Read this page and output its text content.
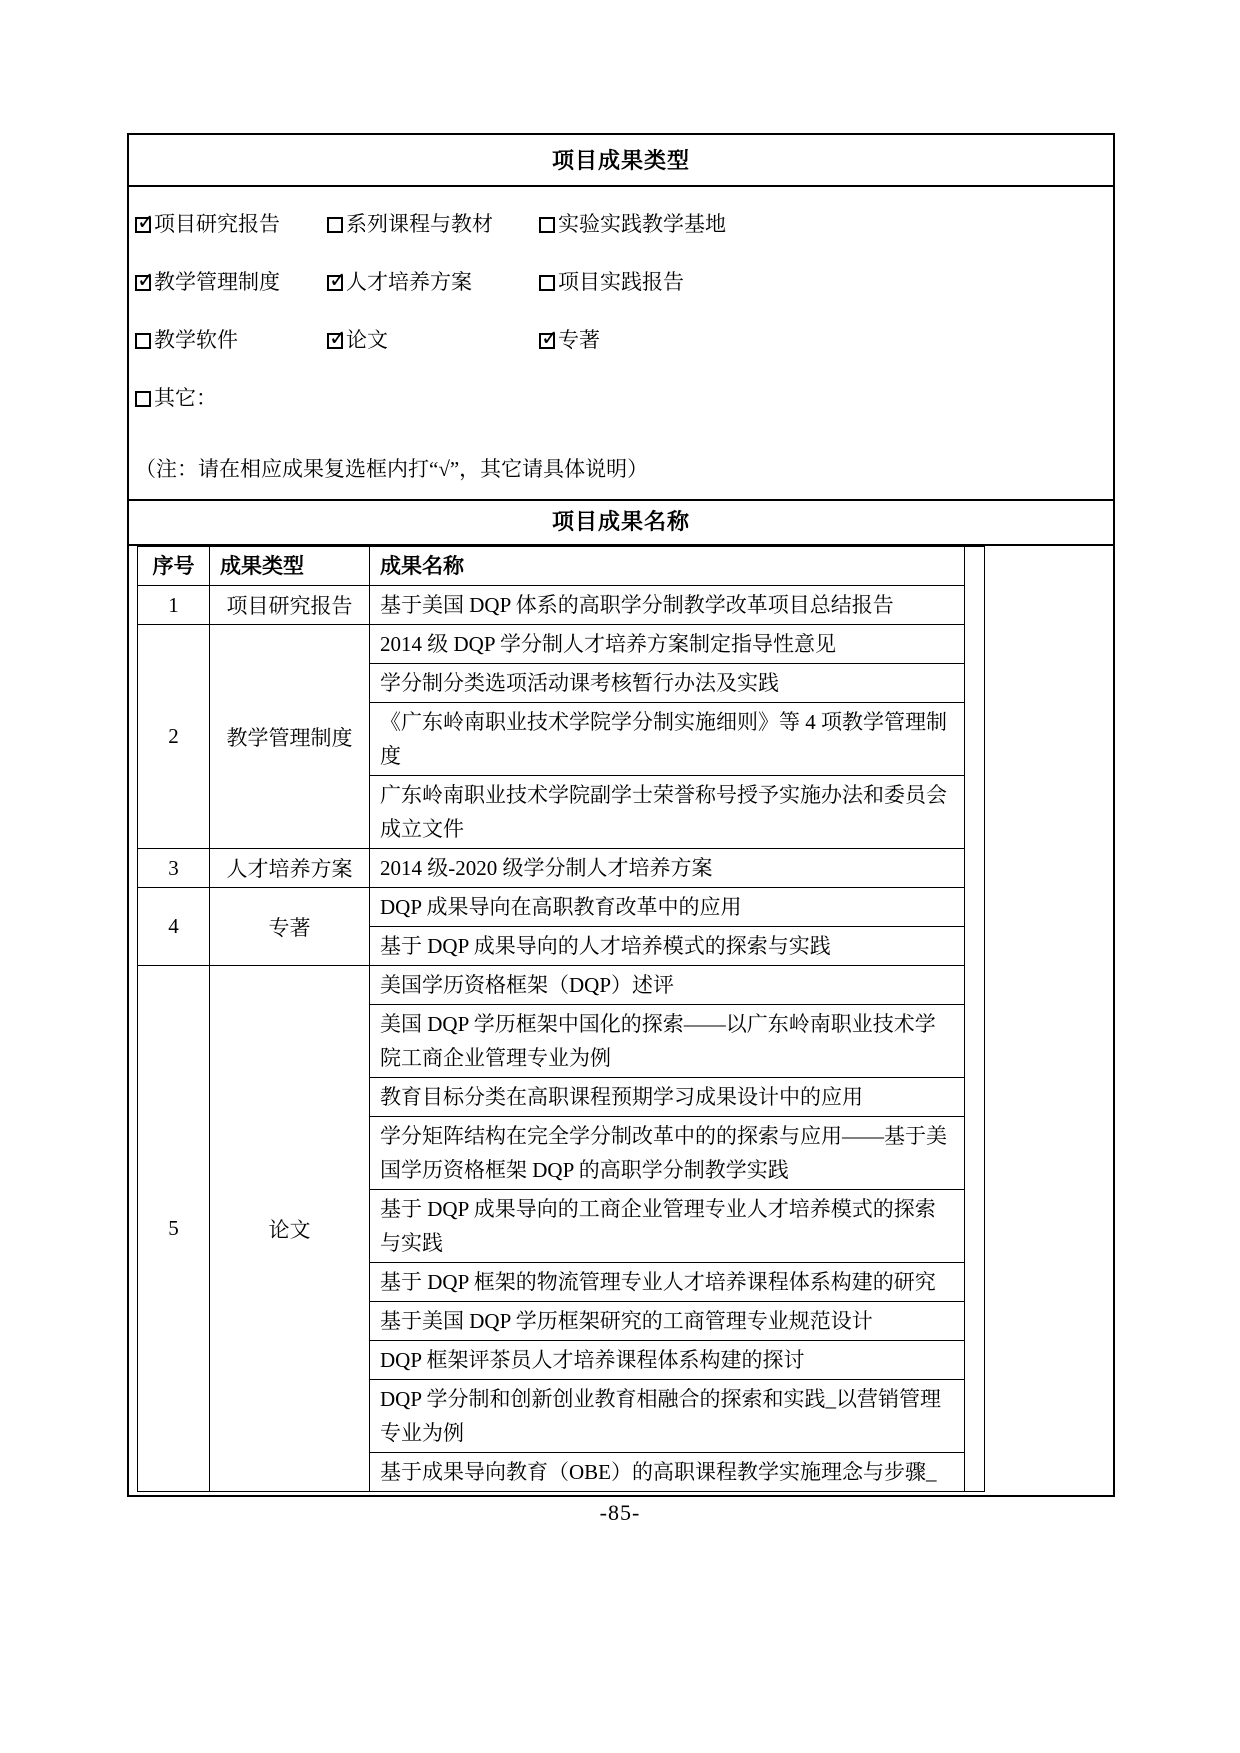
项目成果类型
✓ 项目研究报告	系列课程与教材	实验实践教学基地
✓ 教学管理制度	✓ 人才培养方案	项目实践报告
教学软件	✓ 论文	✓ 专著
其它：
（注：请在相应成果复选框内打“√”，其它请具体说明）
项目成果名称
序号	成果类型	成果名称	
1	项目研究报告	基于美国 DQP 体系的高职学分制教学改革项目总结报告	
2	教学管理制度	2014 级 DQP 学分制人才培养方案制定指导性意见	
		学分制分类选项活动课考核暂行办法及实践	
		《广东岭南职业技术学院学分制实施细则》等 4 项教学管理制度	
		广东岭南职业技术学院副学士荣誉称号授予实施办法和委员会成立文件	
3	人才培养方案	2014 级-2020 级学分制人才培养方案	
4	专著	DQP 成果导向在高职教育改革中的应用	
		基于 DQP 成果导向的人才培养模式的探索与实践	
5	论文	美国学历资格框架（DQP）述评	
		美国 DQP 学历框架中国化的探索——以广东岭南职业技术学院工商企业管理专业为例	
		教育目标分类在高职课程预期学习成果设计中的应用	
		学分矩阵结构在完全学分制改革中的的探索与应用——基于美国学历资格框架 DQP 的高职学分制教学实践	
		基于 DQP 成果导向的工商企业管理专业人才培养模式的探索与实践	
		基于 DQP 框架的物流管理专业人才培养课程体系构建的研究	
		基于美国 DQP 学历框架研究的工商管理专业规范设计	
		DQP 框架评茶员人才培养课程体系构建的探讨	
		DQP 学分制和创新创业教育相融合的探索和实践_以营销管理专业为例	
		基于成果导向教育（OBE）的高职课程教学实施理念与步骤_	
-85-
